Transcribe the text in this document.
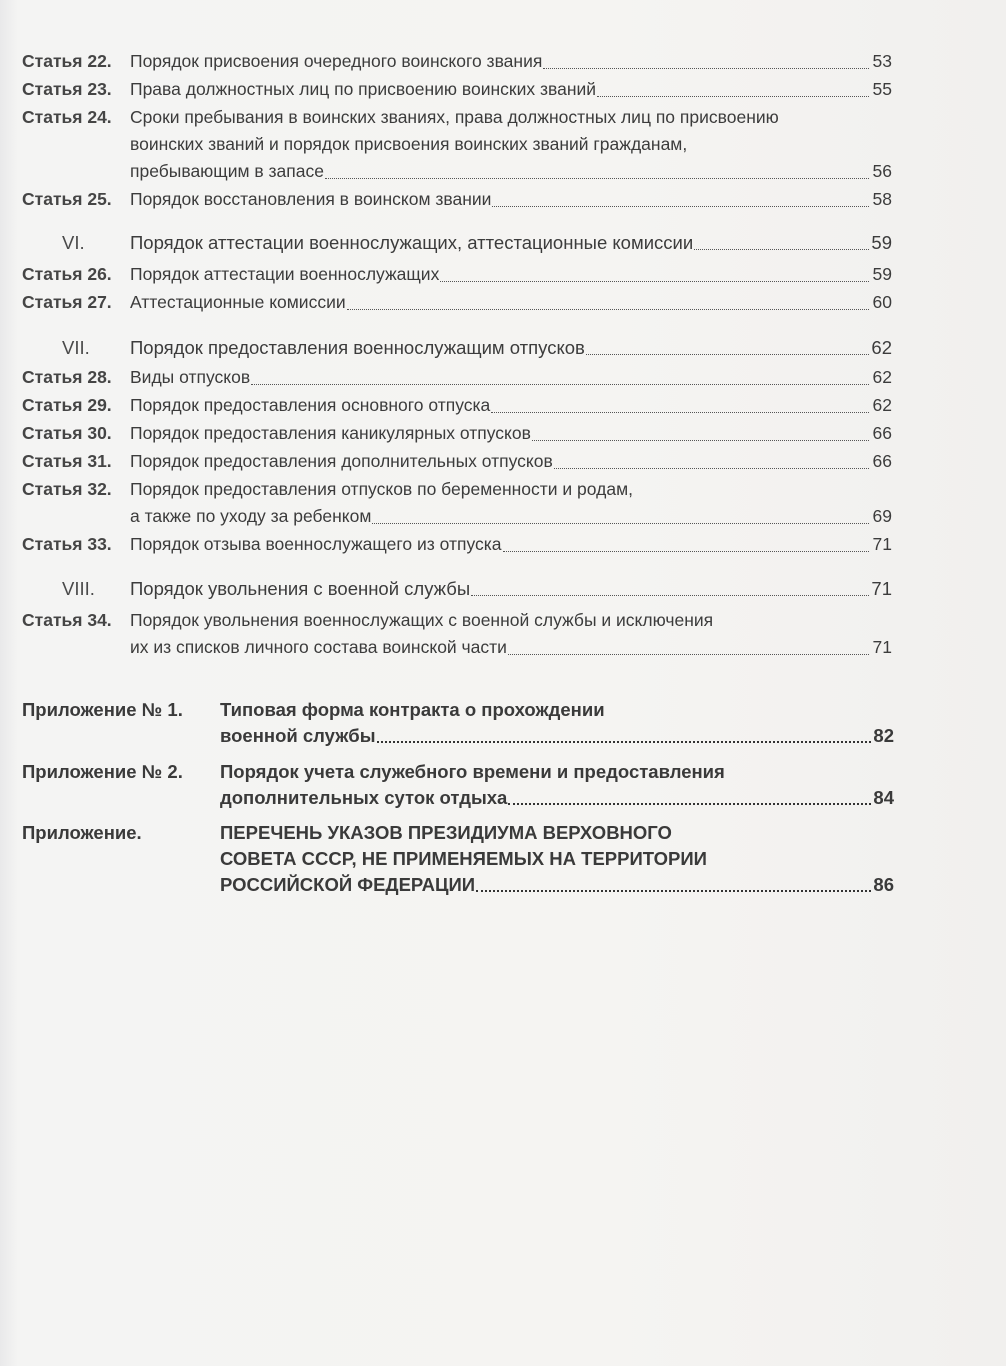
Статья 22.	Порядок присвоения очередного воинского звания	53
Статья 23.	Права должностных лиц по присвоению воинских званий	55
Статья 24.	Сроки пребывания в воинских званиях, права должностных лиц по присвоению
воинских званий и порядок присвоения воинских званий гражданам,
пребывающим в запасе	56
Статья 25.	Порядок восстановления в воинском звании	58
VI.	Порядок аттестации военнослужащих, аттестационные комиссии	59
Статья 26.	Порядок аттестации военнослужащих	59
Статья 27.	Аттестационные комиссии	60
VII.	Порядок предоставления военнослужащим отпусков	62
Статья 28.	Виды отпусков	62
Статья 29.	Порядок предоставления основного отпуска	62
Статья 30.	Порядок предоставления каникулярных отпусков	66
Статья 31.	Порядок предоставления дополнительных отпусков	66
Статья 32.	Порядок предоставления отпусков по беременности и родам,
а также по уходу за ребенком	69
Статья 33.	Порядок отзыва военнослужащего из отпуска	71
VIII.	Порядок увольнения с военной службы	71
Статья 34.	Порядок увольнения военнослужащих с военной службы и исключения
их из списков личного состава воинской части	71
Приложение № 1.	Типовая форма контракта о прохождении
военной службы	82
Приложение № 2.	Порядок учета служебного времени и предоставления
дополнительных суток отдыха	84
Приложение.	ПЕРЕЧЕНЬ УКАЗОВ ПРЕЗИДИУМА ВЕРХОВНОГО
СОВЕТА СССР, НЕ ПРИМЕНЯЕМЫХ НА ТЕРРИТОРИИ
РОССИЙСКОЙ ФЕДЕРАЦИИ	86
